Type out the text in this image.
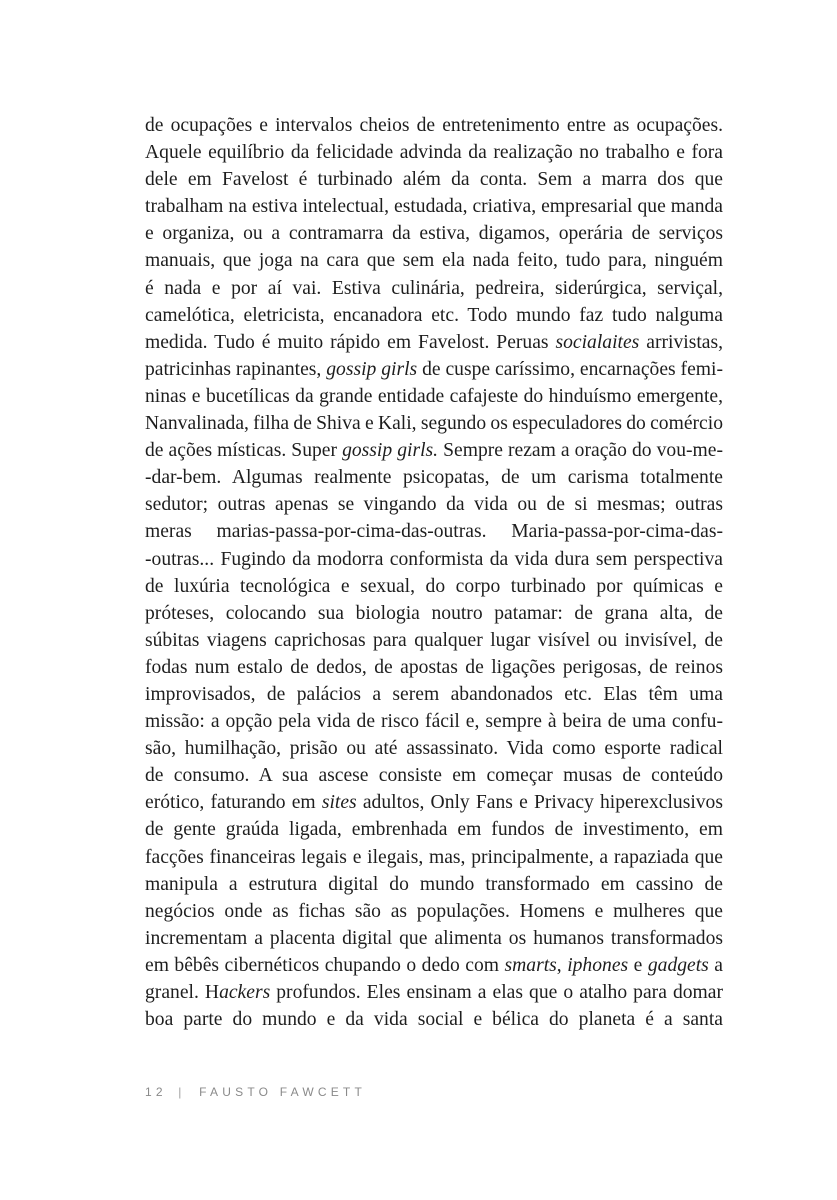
de ocupações e intervalos cheios de entretenimento entre as ocupações.
Aquele equilíbrio da felicidade advinda da realização no trabalho e fora
dele em Favelost é turbinado além da conta. Sem a marra dos que
trabalham na estiva intelectual, estudada, criativa, empresarial que manda
e organiza, ou a contramarra da estiva, digamos, operária de serviços
manuais, que joga na cara que sem ela nada feito, tudo para, ninguém
é nada e por aí vai. Estiva culinária, pedreira, siderúrgica, serviçal,
camelótica, eletricista, encanadora etc. Todo mundo faz tudo nalguma
medida. Tudo é muito rápido em Favelost. Peruas socialaites arrivistas,
patricinhas rapinantes, gossip girls de cuspe caríssimo, encarnações femi-
ninas e bucetílicas da grande entidade cafajeste do hinduísmo emergente,
Nanvalinada, filha de Shiva e Kali, segundo os especuladores do comércio
de ações místicas. Super gossip girls. Sempre rezam a oração do vou-me-
-dar-bem. Algumas realmente psicopatas, de um carisma totalmente
sedutor; outras apenas se vingando da vida ou de si mesmas; outras
meras marias-passa-por-cima-das-outras. Maria-passa-por-cima-das-
-outras... Fugindo da modorra conformista da vida dura sem perspectiva
de luxúria tecnológica e sexual, do corpo turbinado por químicas e
próteses, colocando sua biologia noutro patamar: de grana alta, de
súbitas viagens caprichosas para qualquer lugar visível ou invisível, de
fodas num estalo de dedos, de apostas de ligações perigosas, de reinos
improvisados, de palácios a serem abandonados etc. Elas têm uma
missão: a opção pela vida de risco fácil e, sempre à beira de uma confu-
são, humilhação, prisão ou até assassinato. Vida como esporte radical
de consumo. A sua ascese consiste em começar musas de conteúdo
erótico, faturando em sites adultos, Only Fans e Privacy hiperexclusivos
de gente graúda ligada, embrenhada em fundos de investimento, em
facções financeiras legais e ilegais, mas, principalmente, a rapaziada que
manipula a estrutura digital do mundo transformado em cassino de
negócios onde as fichas são as populações. Homens e mulheres que
incrementam a placenta digital que alimenta os humanos transformados
em bêbês cibernéticos chupando o dedo com smarts, iphones e gadgets a
granel. Hackers profundos. Eles ensinam a elas que o atalho para domar
boa parte do mundo e da vida social e bélica do planeta é a santa
12 | FAUSTO FAWCETT
